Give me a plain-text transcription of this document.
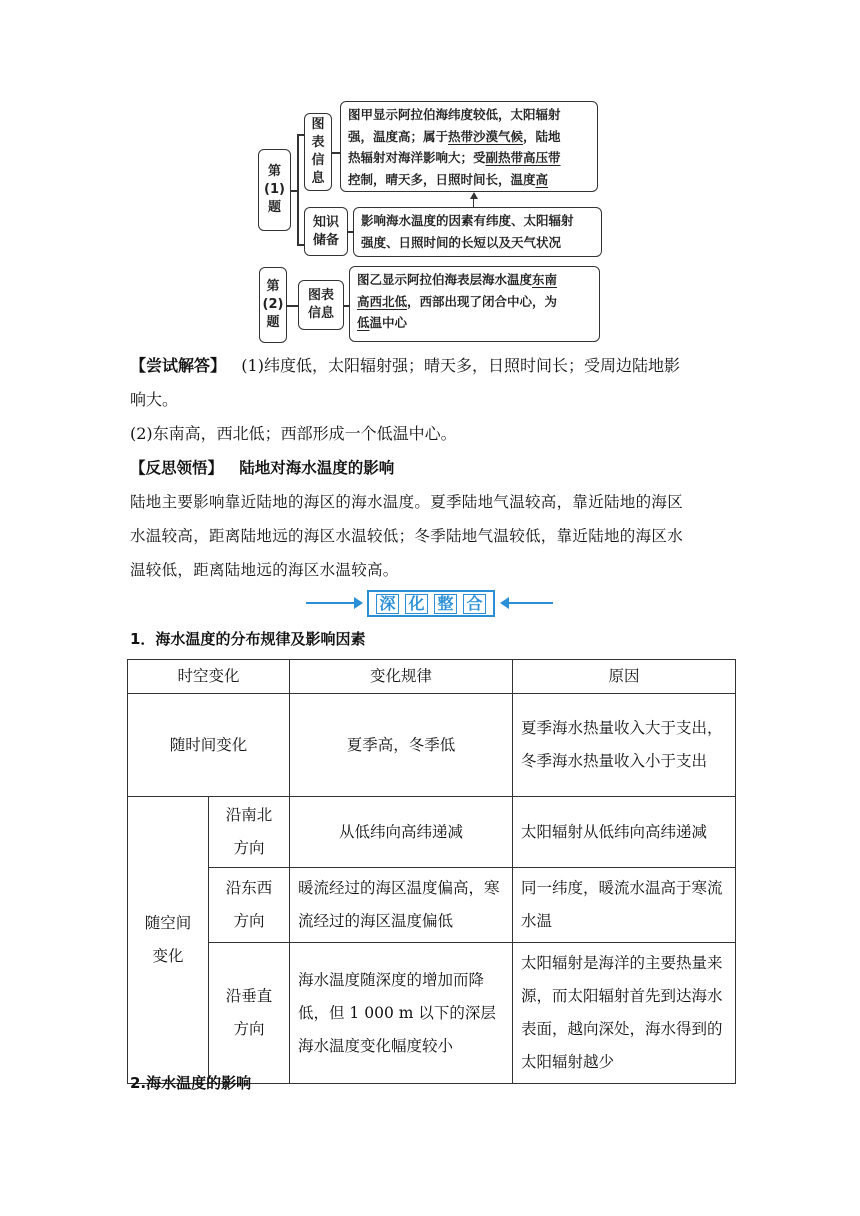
第
(1)
题
图
表
信
息
图甲显示阿拉伯海纬度较低，太阳辐射
强，温度高；属于热带沙漠气候，陆地
热辐射对海洋影响大；受副热带高压带
控制，晴天多，日照时间长，温度高
知识
储备
影响海水温度的因素有纬度、太阳辐射
强度、日照时间的长短以及天气状况
第
(2)
题
图表
信息
图乙显示阿拉伯海表层海水温度东南
高西北低，西部出现了闭合中心，为
低温中心
【尝试解答】 (1)纬度低，太阳辐射强；晴天多，日照时间长；受周边陆地影
响大。
(2)东南高，西北低；西部形成一个低温中心。
【反思领悟】 陆地对海水温度的影响
陆地主要影响靠近陆地的海区的海水温度。夏季陆地气温较高，靠近陆地的海区
水温较高，距离陆地远的海区水温较低；冬季陆地气温较低，靠近陆地的海区水
温较低，距离陆地远的海区水温较高。
深 化 整 合
1．海水温度的分布规律及影响因素
时空变化		变化规律	原因
随时间变化		夏季高，冬季低	夏季海水热量收入大于支出，冬季海水热量收入小于支出
随空间变化	沿南北方向	从低纬向高纬递减	太阳辐射从低纬向高纬递减
	沿东西方向	暖流经过的海区温度偏高，寒流经过的海区温度偏低	同一纬度，暖流水温高于寒流水温
	沿垂直方向	海水温度随深度的增加而降低，但 1 000 m 以下的深层海水温度变化幅度较小	太阳辐射是海洋的主要热量来源，而太阳辐射首先到达海水表面，越向深处，海水得到的太阳辐射越少
2.海水温度的影响
